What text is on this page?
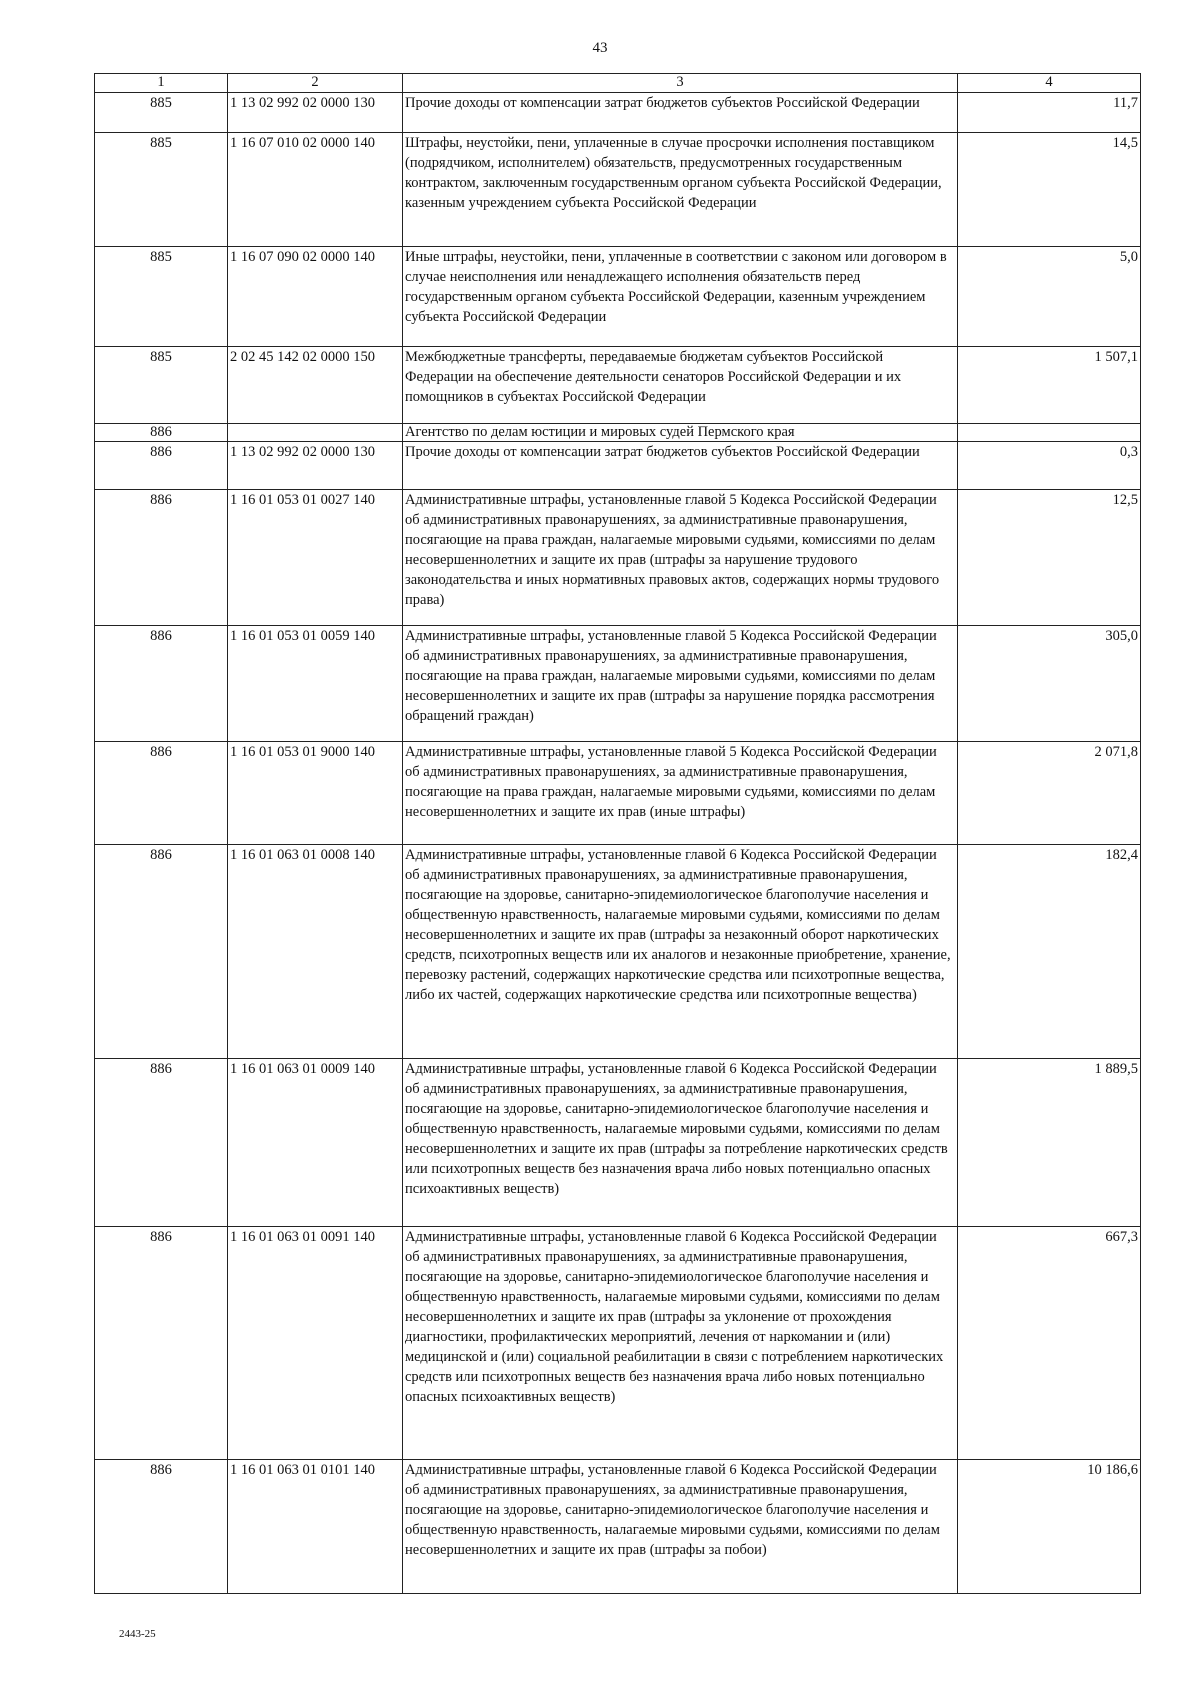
43
1	2	3	4
885	1 13 02 992 02 0000 130	Прочие доходы от компенсации затрат бюджетов субъектов Российской Федерации	11,7
885	1 16 07 010 02 0000 140	Штрафы, неустойки, пени, уплаченные в случае просрочки исполнения поставщиком (подрядчиком, исполнителем) обязательств, предусмотренных государственным контрактом, заключенным государственным органом субъекта Российской Федерации, казенным учреждением субъекта Российской Федерации	14,5
885	1 16 07 090 02 0000 140	Иные штрафы, неустойки, пени, уплаченные в соответствии с законом или договором в случае неисполнения или ненадлежащего исполнения обязательств перед государственным органом субъекта Российской Федерации, казенным учреждением субъекта Российской Федерации	5,0
885	2 02 45 142 02 0000 150	Межбюджетные трансферты, передаваемые бюджетам субъектов Российской Федерации на обеспечение деятельности сенаторов Российской Федерации и их помощников в субъектах Российской Федерации	1 507,1
886		Агентство по делам юстиции и мировых судей Пермского края	
886	1 13 02 992 02 0000 130	Прочие доходы от компенсации затрат бюджетов субъектов Российской Федерации	0,3
886	1 16 01 053 01 0027 140	Административные штрафы, установленные главой 5 Кодекса Российской Федерации об административных правонарушениях, за административные правонарушения, посягающие на права граждан, налагаемые мировыми судьями, комиссиями по делам несовершеннолетних и защите их прав (штрафы за нарушение трудового законодательства и иных нормативных правовых актов, содержащих нормы трудового права)	12,5
886	1 16 01 053 01 0059 140	Административные штрафы, установленные главой 5 Кодекса Российской Федерации об административных правонарушениях, за административные правонарушения, посягающие на права граждан, налагаемые мировыми судьями, комиссиями по делам несовершеннолетних и защите их прав (штрафы за нарушение порядка рассмотрения обращений граждан)	305,0
886	1 16 01 053 01 9000 140	Административные штрафы, установленные главой 5 Кодекса Российской Федерации об административных правонарушениях, за административные правонарушения, посягающие на права граждан, налагаемые мировыми судьями, комиссиями по делам несовершеннолетних и защите их прав (иные штрафы)	2 071,8
886	1 16 01 063 01 0008 140	Административные штрафы, установленные главой 6 Кодекса Российской Федерации об административных правонарушениях, за административные правонарушения, посягающие на здоровье, санитарно-эпидемиологическое благополучие населения и общественную нравственность, налагаемые мировыми судьями, комиссиями по делам несовершеннолетних и защите их прав (штрафы за незаконный оборот наркотических средств, психотропных веществ или их аналогов и незаконные приобретение, хранение, перевозку растений, содержащих наркотические средства или психотропные вещества, либо их частей, содержащих наркотические средства или психотропные вещества)	182,4
886	1 16 01 063 01 0009 140	Административные штрафы, установленные главой 6 Кодекса Российской Федерации об административных правонарушениях, за административные правонарушения, посягающие на здоровье, санитарно-эпидемиологическое благополучие населения и общественную нравственность, налагаемые мировыми судьями, комиссиями по делам несовершеннолетних и защите их прав (штрафы за потребление наркотических средств или психотропных веществ без назначения врача либо новых потенциально опасных психоактивных веществ)	1 889,5
886	1 16 01 063 01 0091 140	Административные штрафы, установленные главой 6 Кодекса Российской Федерации об административных правонарушениях, за административные правонарушения, посягающие на здоровье, санитарно-эпидемиологическое благополучие населения и общественную нравственность, налагаемые мировыми судьями, комиссиями по делам несовершеннолетних и защите их прав (штрафы за уклонение от прохождения диагностики, профилактических мероприятий, лечения от наркомании и (или) медицинской и (или) социальной реабилитации в связи с потреблением наркотических средств или психотропных веществ без назначения врача либо новых потенциально опасных психоактивных веществ)	667,3
886	1 16 01 063 01 0101 140	Административные штрафы, установленные главой 6 Кодекса Российской Федерации об административных правонарушениях, за административные правонарушения, посягающие на здоровье, санитарно-эпидемиологическое благополучие населения и общественную нравственность, налагаемые мировыми судьями, комиссиями по делам несовершеннолетних и защите их прав (штрафы за побои)	10 186,6
2443-25
